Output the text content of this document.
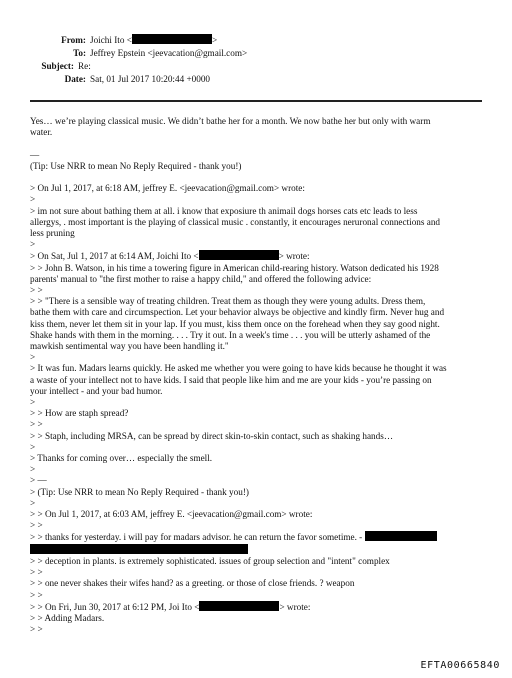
From: Joichi Ito <	>
To: Jeffrey Epstein <jeevacation@gmail.com>
Subject: Re:
Date: Sat, 01 Jul 2017 10:20:44 +0000

Yes… we’re playing classical music. We didn’t bathe her for a month. We now bathe her but only with warm

water.

—

(Tip: Use NRR to mean No Reply Required - thank you!)

> On Jul 1, 2017, at 6:18 AM, jeffrey E. <jeevacation@gmail.com> wrote:

>

> im not sure about bathing them at all. i know that exposiure th animail dogs horses cats etc leads to less

allergys, . most important is the playing of classical music . constantly, it encourages neruronal connections and

less pruning

>

> On Sat, Jul 1, 2017 at 6:14 AM, Joichi Ito <	> wrote:

> > John B. Watson, in his time a towering figure in American child-rearing history. Watson dedicated his 1928

parents' manual to "the first mother to raise a happy child," and offered the following advice:

> >

> > "There is a sensible way of treating children. Treat them as though they were young adults. Dress them,

bathe them with care and circumspection. Let your behavior always be objective and kindly firm. Never hug and

kiss them, never let them sit in your lap. If you must, kiss them once on the forehead when they say good night.

Shake hands with them in the morning. . . . Try it out. In a week's time . . . you will be utterly ashamed of the

mawkish sentimental way you have been handling it."

>

> It was fun. Madars learns quickly. He asked me whether you were going to have kids because he thought it was

a waste of your intellect not to have kids. I said that people like him and me are your kids - you’re passing on

your intellect - and your bad humor.

>

> > How are staph spread?

> >

> > Staph, including MRSA, can be spread by direct skin-to-skin contact, such as shaking hands…

>

> Thanks for coming over… especially the smell.

>

> —

> (Tip: Use NRR to mean No Reply Required - thank you!)

>

> > On Jul 1, 2017, at 6:03 AM, jeffrey E. <jeevacation@gmail.com> wrote:

> >

> > thanks for yesterday. i will pay for madars advisor. he can return the favor sometime. -

> > deception in plants. is extremely sophisticated. issues of group selection and "intent" complex

> >

> > one never shakes their wifes hand? as a greeting. or those of close friends. ? weapon

> >

> > On Fri, Jun 30, 2017 at 6:12 PM, Joi Ito <	> wrote:

> > Adding Madars.

> >

EFTA00665840
